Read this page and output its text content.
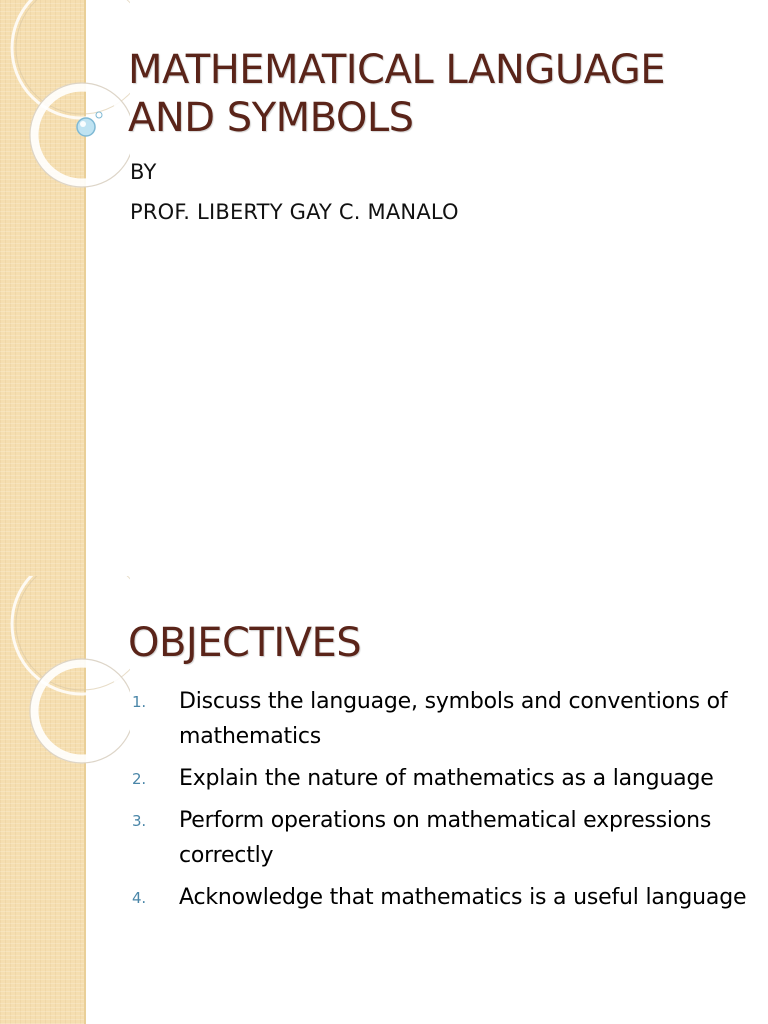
MATHEMATICAL LANGUAGE AND SYMBOLS
BY
PROF. LIBERTY GAY C. MANALO
OBJECTIVES
1. Discuss the language, symbols and conventions of mathematics
2. Explain the nature of mathematics as a language
3. Perform operations on mathematical expressions correctly
4. Acknowledge that mathematics is a useful language
